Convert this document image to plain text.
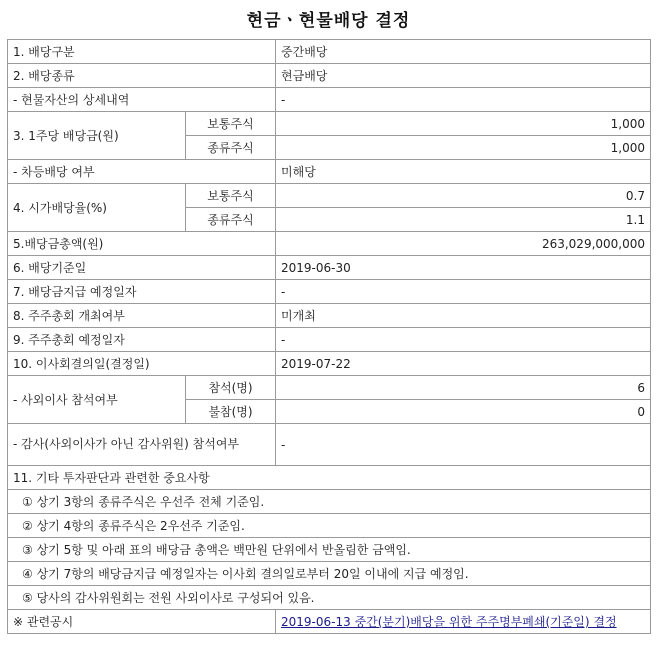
현금ㆍ현물배당 결정
1. 배당구분		중간배당
2. 배당종류		현금배당
- 현물자산의 상세내역		-
3. 1주당 배당금(원)	보통주식	1,000
	종류주식	1,000
- 차등배당 여부		미해당
4. 시가배당율(%)	보통주식	0.7
	종류주식	1.1
5.배당금총액(원)		263,029,000,000
6. 배당기준일		2019-06-30
7. 배당금지급 예정일자		-
8. 주주총회 개최여부		미개최
9. 주주총회 예정일자		-
10. 이사회결의일(결정일)		2019-07-22
- 사외이사 참석여부	참석(명)	6
	불참(명)	0
- 감사(사외이사가 아닌 감사위원) 참석여부		-
11. 기타 투자판단과 관련한 중요사항		
① 상기 3항의 종류주식은 우선주 전체 기준임.		
② 상기 4항의 종류주식은 2우선주 기준임.		
③ 상기 5항 및 아래 표의 배당금 총액은 백만원 단위에서 반올림한 금액임.		
④ 상기 7항의 배당금지급 예정일자는 이사회 결의일로부터 20일 이내에 지급 예정임.		
⑤ 당사의 감사위원회는 전원 사외이사로 구성되어 있음.		
※ 관련공시		2019-06-13 중간(분기)배당을 위한 주주명부폐쇄(기준일) 결정
